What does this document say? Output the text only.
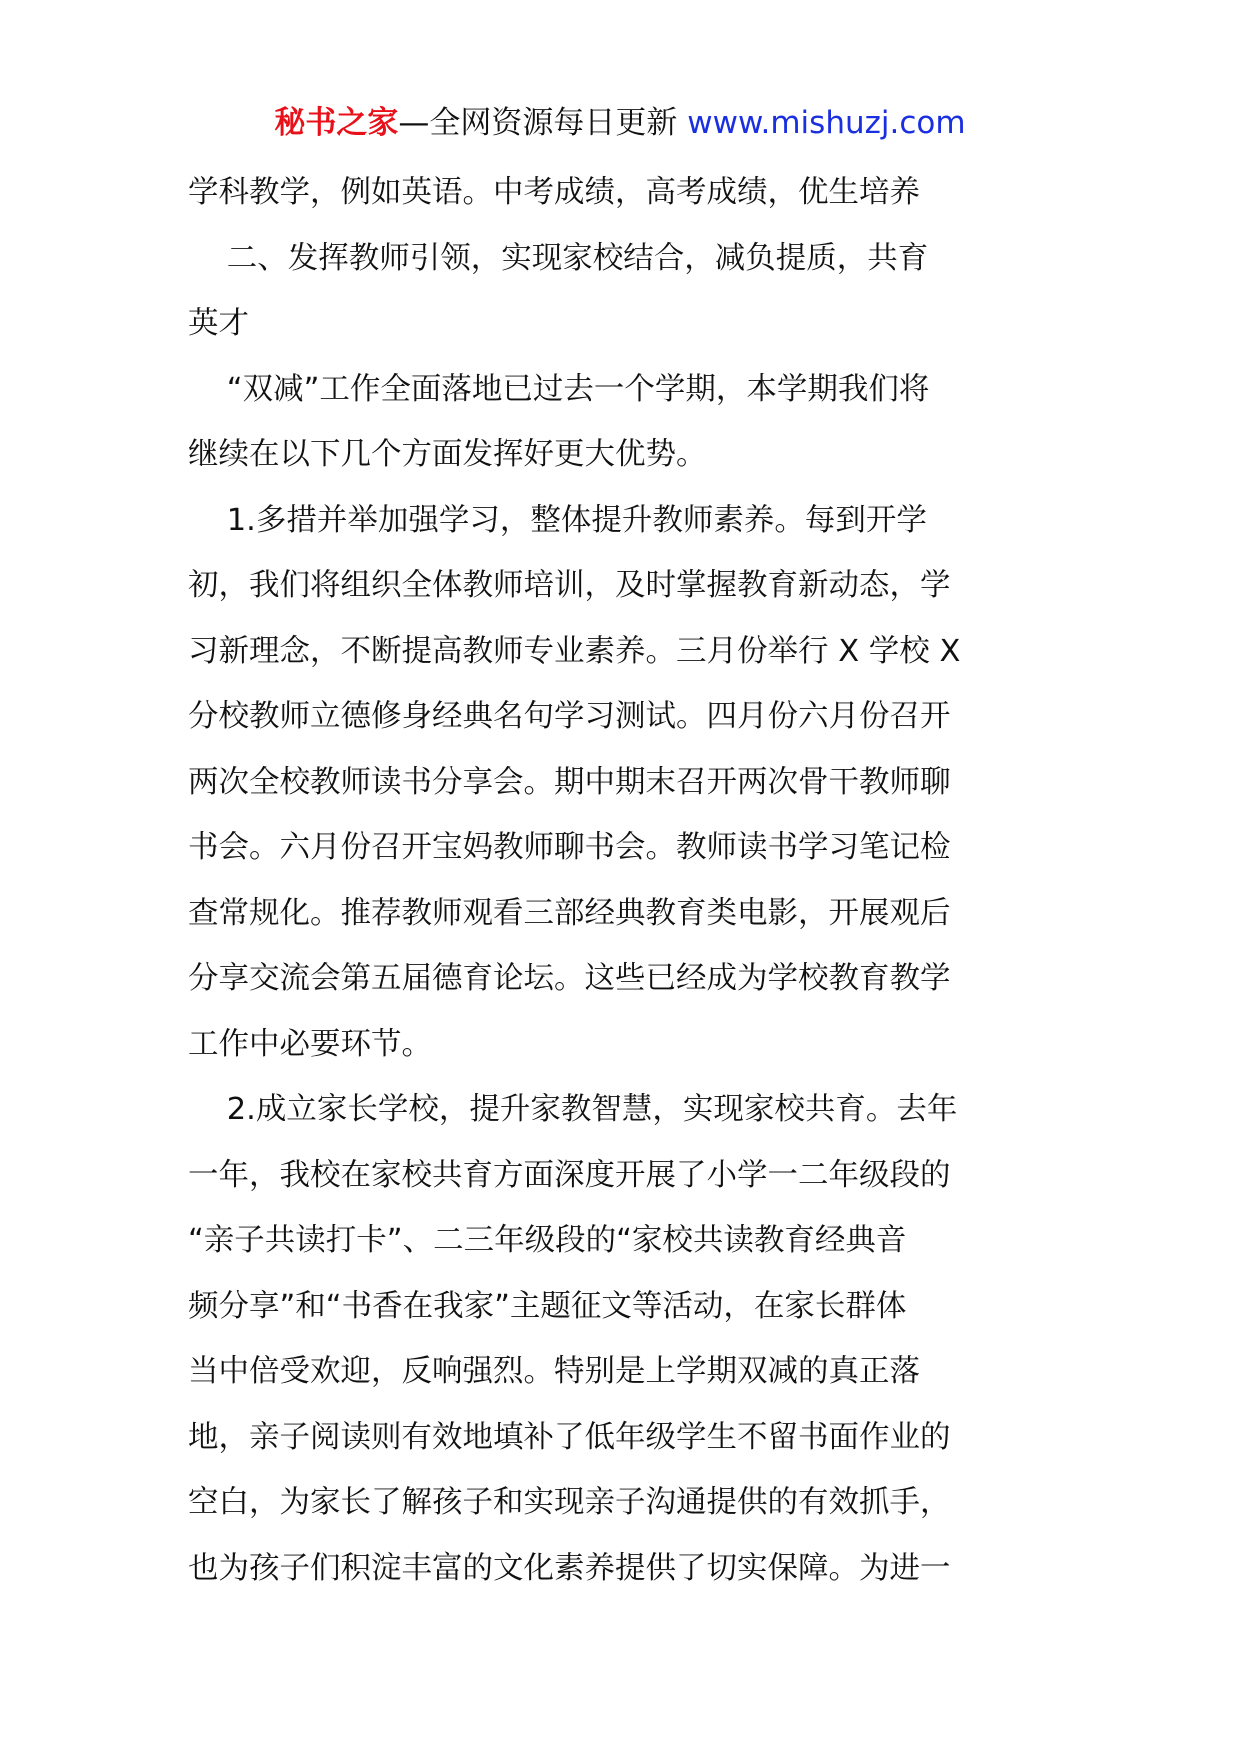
秘书之家—全网资源每日更新 www.mishuzj.com

学科教学，例如英语。中考成绩，高考成绩，优生培养

二、发挥教师引领，实现家校结合，减负提质，共育
英才

“双减”工作全面落地已过去一个学期，本学期我们将
继续在以下几个方面发挥好更大优势。

1.多措并举加强学习，整体提升教师素养。每到开学
初，我们将组织全体教师培训，及时掌握教育新动态，学
习新理念，不断提高教师专业素养。三月份举行 X 学校 X
分校教师立德修身经典名句学习测试。四月份六月份召开
两次全校教师读书分享会。期中期末召开两次骨干教师聊
书会。六月份召开宝妈教师聊书会。教师读书学习笔记检
查常规化。推荐教师观看三部经典教育类电影，开展观后
分享交流会第五届德育论坛。这些已经成为学校教育教学
工作中必要环节。

2.成立家长学校，提升家教智慧，实现家校共育。去年
一年，我校在家校共育方面深度开展了小学一二年级段的
“亲子共读打卡”、二三年级段的“家校共读教育经典音
频分享”和“书香在我家”主题征文等活动，在家长群体
当中倍受欢迎，反响强烈。特别是上学期双减的真正落
地，亲子阅读则有效地填补了低年级学生不留书面作业的
空白，为家长了解孩子和实现亲子沟通提供的有效抓手，
也为孩子们积淀丰富的文化素养提供了切实保障。为进一
